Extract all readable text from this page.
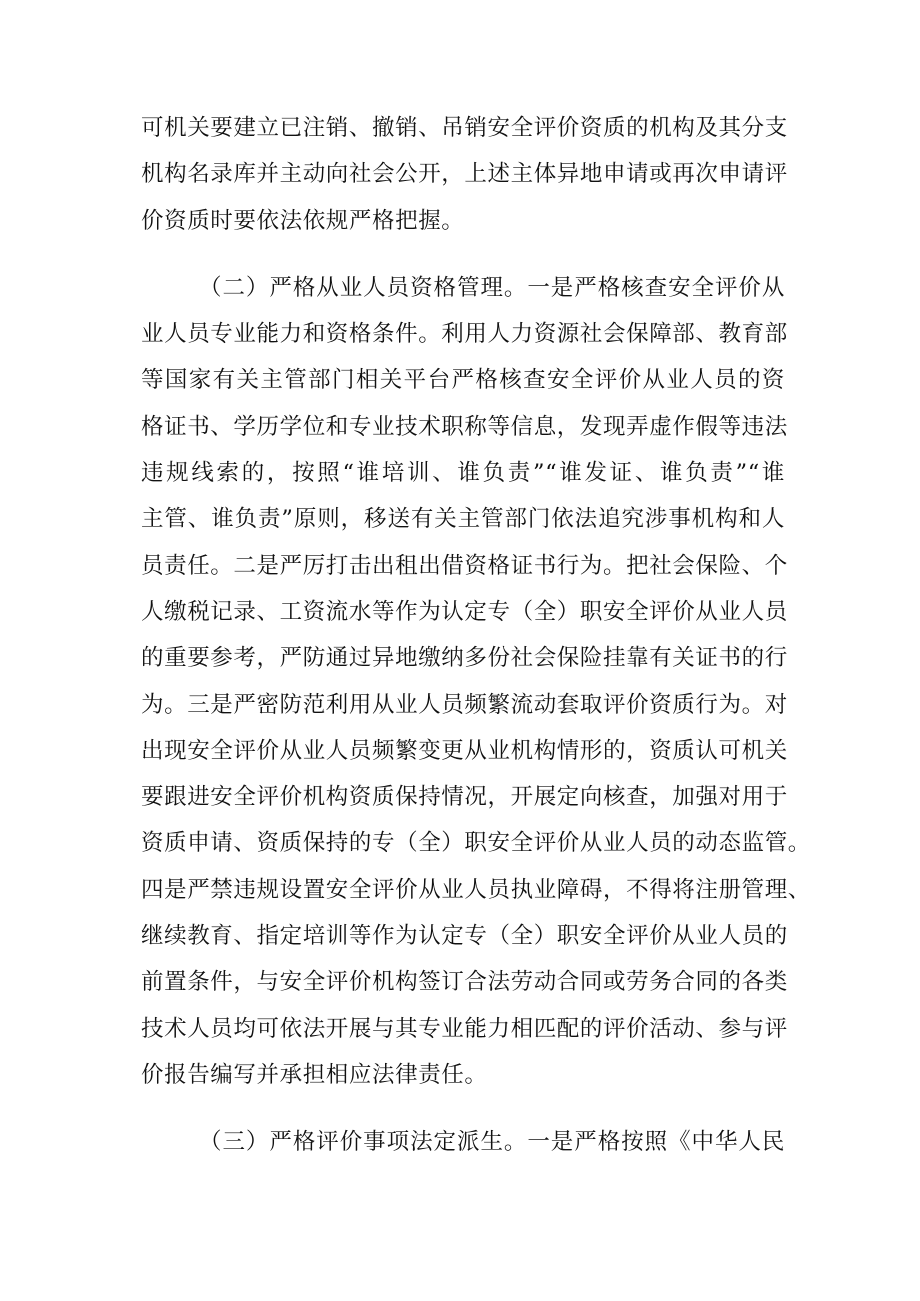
可机关要建立已注销、撤销、吊销安全评价资质的机构及其分支
机构名录库并主动向社会公开，上述主体异地申请或再次申请评
价资质时要依法依规严格把握。
（二）严格从业人员资格管理。一是严格核查安全评价从
业人员专业能力和资格条件。利用人力资源社会保障部、教育部
等国家有关主管部门相关平台严格核查安全评价从业人员的资
格证书、学历学位和专业技术职称等信息，发现弄虚作假等违法
违规线索的，按照“谁培训、谁负责”“谁发证、谁负责”“谁
主管、谁负责”原则，移送有关主管部门依法追究涉事机构和人
员责任。二是严厉打击出租出借资格证书行为。把社会保险、个
人缴税记录、工资流水等作为认定专（全）职安全评价从业人员
的重要参考，严防通过异地缴纳多份社会保险挂靠有关证书的行
为。三是严密防范利用从业人员频繁流动套取评价资质行为。对
出现安全评价从业人员频繁变更从业机构情形的，资质认可机关
要跟进安全评价机构资质保持情况，开展定向核查，加强对用于
资质申请、资质保持的专（全）职安全评价从业人员的动态监管。
四是严禁违规设置安全评价从业人员执业障碍，不得将注册管理、
继续教育、指定培训等作为认定专（全）职安全评价从业人员的
前置条件，与安全评价机构签订合法劳动合同或劳务合同的各类
技术人员均可依法开展与其专业能力相匹配的评价活动、参与评
价报告编写并承担相应法律责任。
（三）严格评价事项法定派生。一是严格按照《中华人民
